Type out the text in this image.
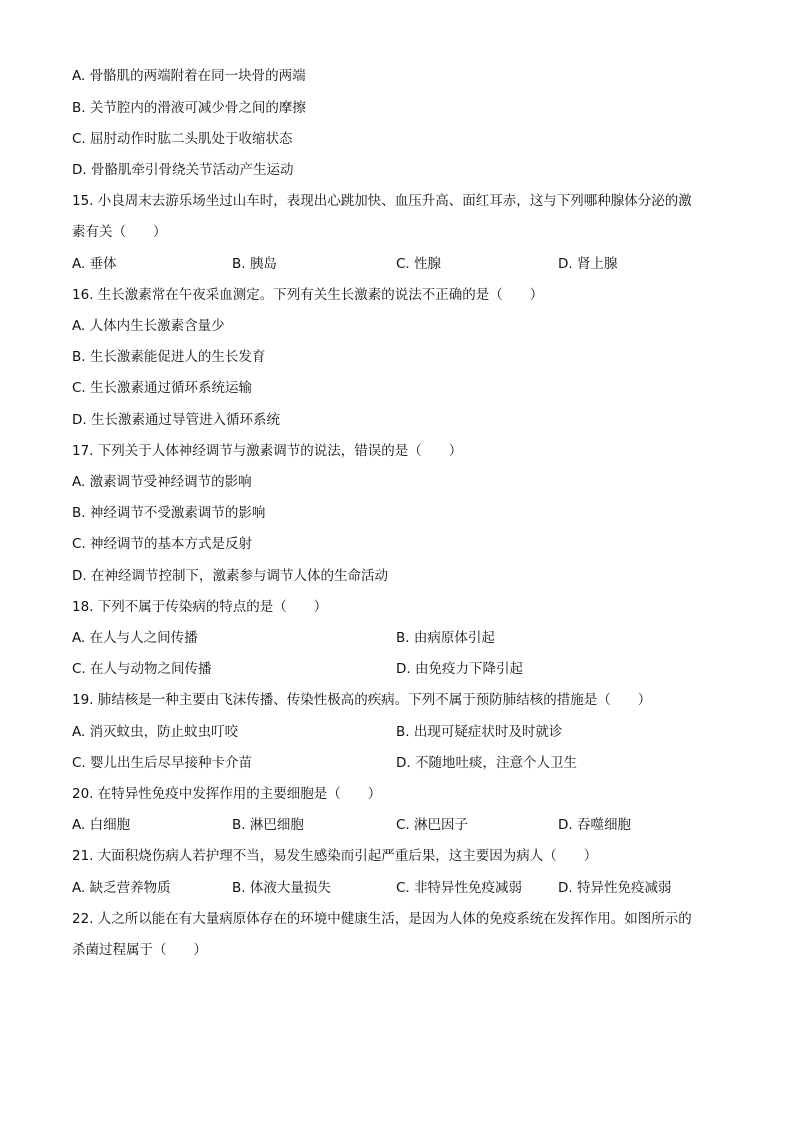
A. 骨骼肌的两端附着在同一块骨的两端
B. 关节腔内的滑液可减少骨之间的摩擦
C. 屈肘动作时肱二头肌处于收缩状态
D. 骨骼肌牵引骨绕关节活动产生运动
15. 小良周末去游乐场坐过山车时，表现出心跳加快、血压升高、面红耳赤，这与下列哪种腺体分泌的激
素有关（　　）
A. 垂体	B. 胰岛	C. 性腺	D. 肾上腺
16. 生长激素常在午夜采血测定。下列有关生长激素的说法不正确的是（　　）
A. 人体内生长激素含量少
B. 生长激素能促进人的生长发育
C. 生长激素通过循环系统运输
D. 生长激素通过导管进入循环系统
17. 下列关于人体神经调节与激素调节的说法，错误的是（　　）
A. 激素调节受神经调节的影响
B. 神经调节不受激素调节的影响
C. 神经调节的基本方式是反射
D. 在神经调节控制下，激素参与调节人体的生命活动
18. 下列不属于传染病的特点的是（　　）
A. 在人与人之间传播	B. 由病原体引起
C. 在人与动物之间传播	D. 由免疫力下降引起
19. 肺结核是一种主要由飞沫传播、传染性极高的疾病。下列不属于预防肺结核的措施是（　　）
A. 消灭蚊虫，防止蚊虫叮咬	B. 出现可疑症状时及时就诊
C. 婴儿出生后尽早接种卡介苗	D. 不随地吐痰，注意个人卫生
20. 在特异性免疫中发挥作用的主要细胞是（　　）
A. 白细胞	B. 淋巴细胞	C. 淋巴因子	D. 吞噬细胞
21. 大面积烧伤病人若护理不当，易发生感染而引起严重后果，这主要因为病人（　　）
A. 缺乏营养物质	B. 体液大量损失	C. 非特异性免疫减弱	D. 特异性免疫减弱
22. 人之所以能在有大量病原体存在的环境中健康生活，是因为人体的免疫系统在发挥作用。如图所示的
杀菌过程属于（　　）
